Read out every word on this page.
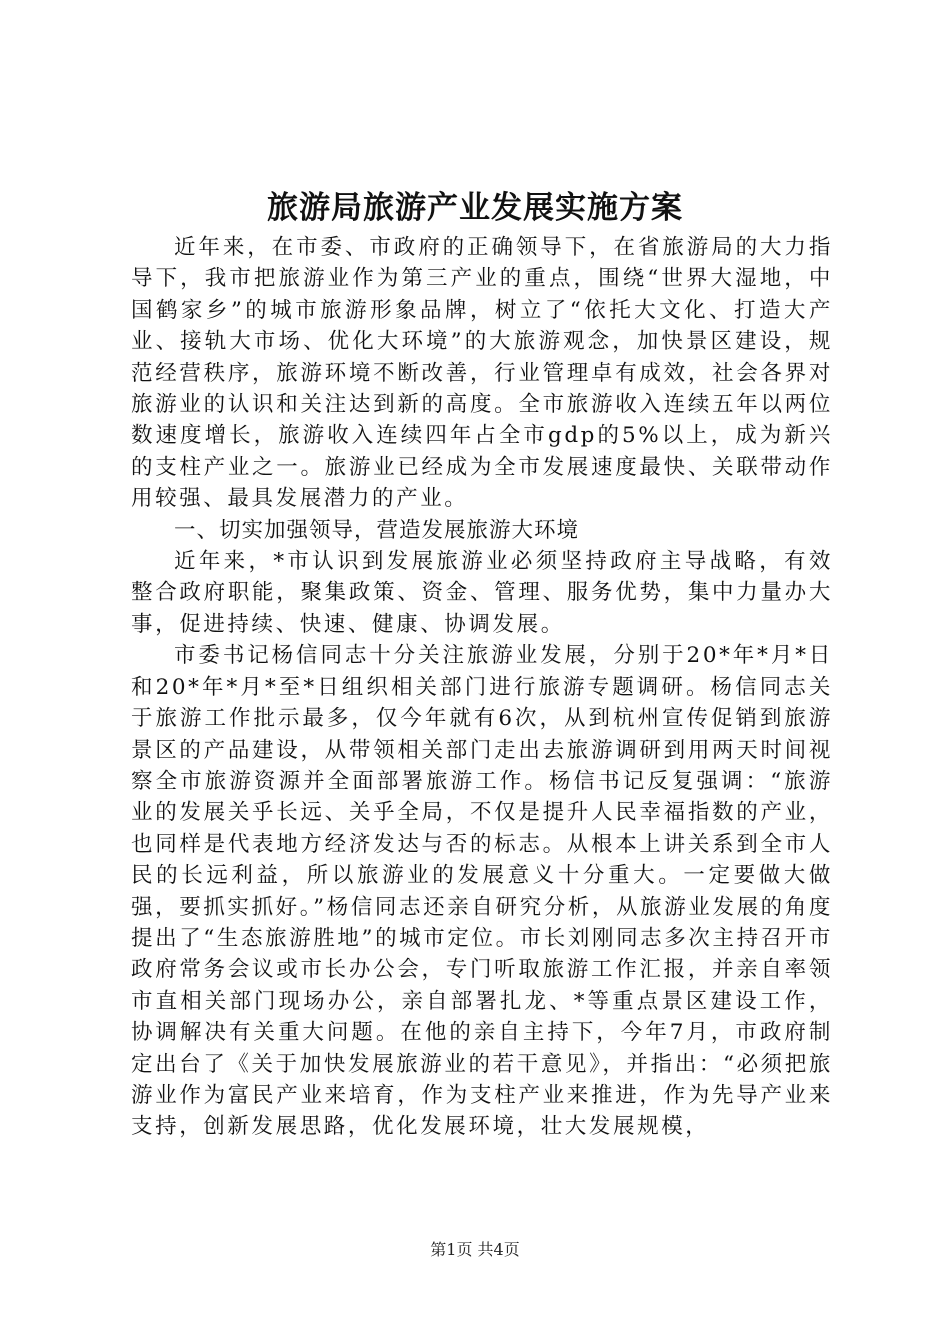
旅游局旅游产业发展实施方案

近年来，在市委、市政府的正确领导下，在省旅游局的大力指导下，我市把旅游业作为第三产业的重点，围绕“世界大湿地，中国鹤家乡”的城市旅游形象品牌，树立了“依托大文化、打造大产业、接轨大市场、优化大环境”的大旅游观念，加快景区建设，规范经营秩序，旅游环境不断改善，行业管理卓有成效，社会各界对旅游业的认识和关注达到新的高度。全市旅游收入连续五年以两位数速度增长，旅游收入连续四年占全市gdp的5%以上，成为新兴的支柱产业之一。旅游业已经成为全市发展速度最快、关联带动作用较强、最具发展潜力的产业。

一、切实加强领导，营造发展旅游大环境

近年来，*市认识到发展旅游业必须坚持政府主导战略，有效整合政府职能，聚集政策、资金、管理、服务优势，集中力量办大事，促进持续、快速、健康、协调发展。

市委书记杨信同志十分关注旅游业发展，分别于20*年*月*日和20*年*月*至*日组织相关部门进行旅游专题调研。杨信同志关于旅游工作批示最多，仅今年就有6次，从到杭州宣传促销到旅游景区的产品建设，从带领相关部门走出去旅游调研到用两天时间视察全市旅游资源并全面部署旅游工作。杨信书记反复强调：“旅游业的发展关乎长远、关乎全局，不仅是提升人民幸福指数的产业，也同样是代表地方经济发达与否的标志。从根本上讲关系到全市人民的长远利益，所以旅游业的发展意义十分重大。一定要做大做强，要抓实抓好。”杨信同志还亲自研究分析，从旅游业发展的角度提出了“生态旅游胜地”的城市定位。市长刘刚同志多次主持召开市政府常务会议或市长办公会，专门听取旅游工作汇报，并亲自率领市直相关部门现场办公，亲自部署扎龙、*等重点景区建设工作，协调解决有关重大问题。在他的亲自主持下，今年7月，市政府制定出台了《关于加快发展旅游业的若干意见》，并指出：“必须把旅游业作为富民产业来培育，作为支柱产业来推进，作为先导产业来支持，创新发展思路，优化发展环境，壮大发展规模，

第1页 共4页
